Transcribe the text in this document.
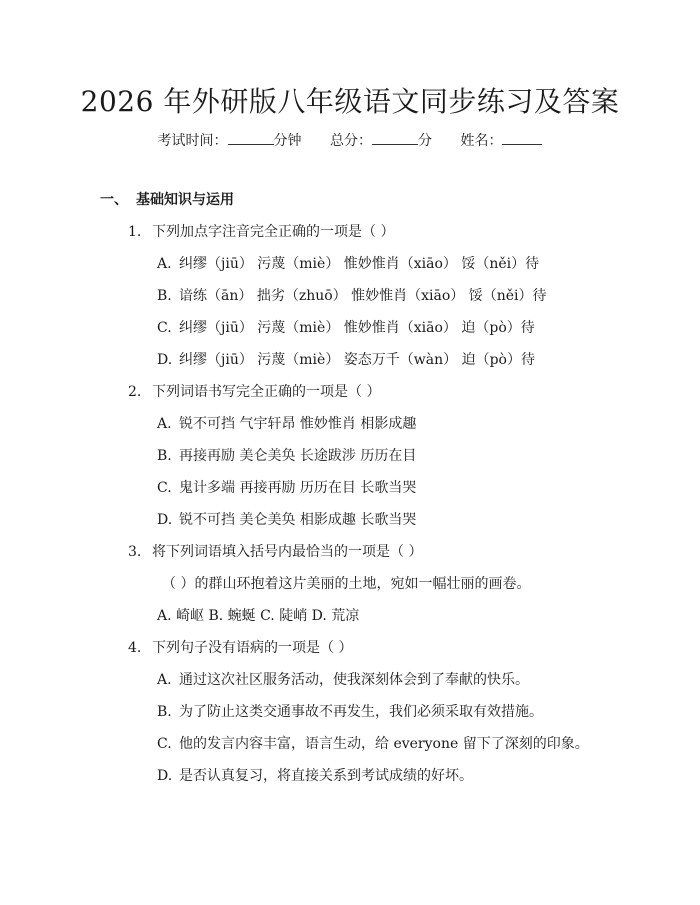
2026 年外研版八年级语文同步练习及答案
考试时间：	分钟 总分：	分 姓名：
一、 基础知识与运用
1. 下列加点字注音完全正确的一项是（ ）
A. 纠缪（jiū） 污蔑（miè） 惟妙惟肖（xiāo） 馁（něi）待
B. 谙练（ān） 拙劣（zhuō） 惟妙惟肖（xiāo） 馁（něi）待
C. 纠缪（jiū） 污蔑（miè） 惟妙惟肖（xiāo） 迫（pò）待
D. 纠缪（jiū） 污蔑（miè） 姿态万千（wàn） 迫（pò）待
2. 下列词语书写完全正确的一项是（ ）
A. 锐不可挡 气宇轩昂 惟妙惟肖 相影成趣
B. 再接再励 美仑美奂 长途跋涉 历历在目
C. 鬼计多端 再接再励 历历在目 长歌当哭
D. 锐不可挡 美仑美奂 相影成趣 长歌当哭
3. 将下列词语填入括号内最恰当的一项是（ ）
（ ）的群山环抱着这片美丽的土地，宛如一幅壮丽的画卷。
A. 崎岖 B. 蜿蜒 C. 陡峭 D. 荒凉
4. 下列句子没有语病的一项是（ ）
A. 通过这次社区服务活动，使我深刻体会到了奉献的快乐。
B. 为了防止这类交通事故不再发生，我们必须采取有效措施。
C. 他的发言内容丰富，语言生动，给 everyone 留下了深刻的印象。
D. 是否认真复习，将直接关系到考试成绩的好坏。
